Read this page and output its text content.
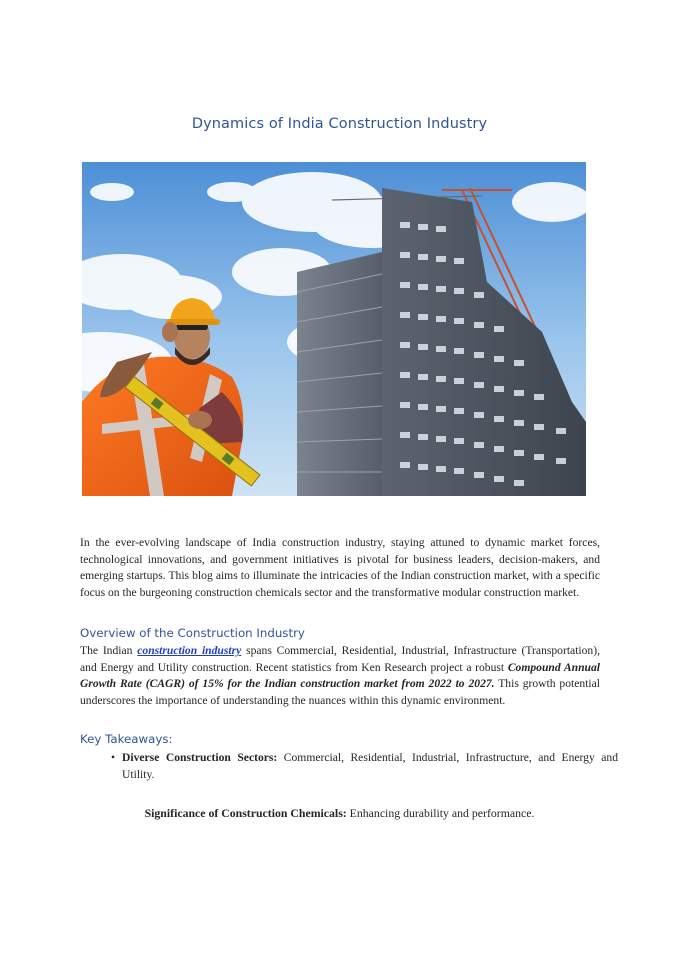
Dynamics of India Construction Industry
In the ever-evolving landscape of India construction industry, staying attuned to dynamic market forces, technological innovations, and government initiatives is pivotal for business leaders, decision-makers, and emerging startups. This blog aims to illuminate the intricacies of the Indian construction market, with a specific focus on the burgeoning construction chemicals sector and the transformative modular construction market.
Overview of the Construction Industry
The Indian construction industry spans Commercial, Residential, Industrial, Infrastructure (Transportation), and Energy and Utility construction. Recent statistics from Ken Research project a robust Compound Annual Growth Rate (CAGR) of 15% for the Indian construction market from 2022 to 2027. This growth potential underscores the importance of understanding the nuances within this dynamic environment.
Key Takeaways:
• Diverse Construction Sectors: Commercial, Residential, Industrial, Infrastructure, and Energy and Utility.
Significance of Construction Chemicals: Enhancing durability and performance.
